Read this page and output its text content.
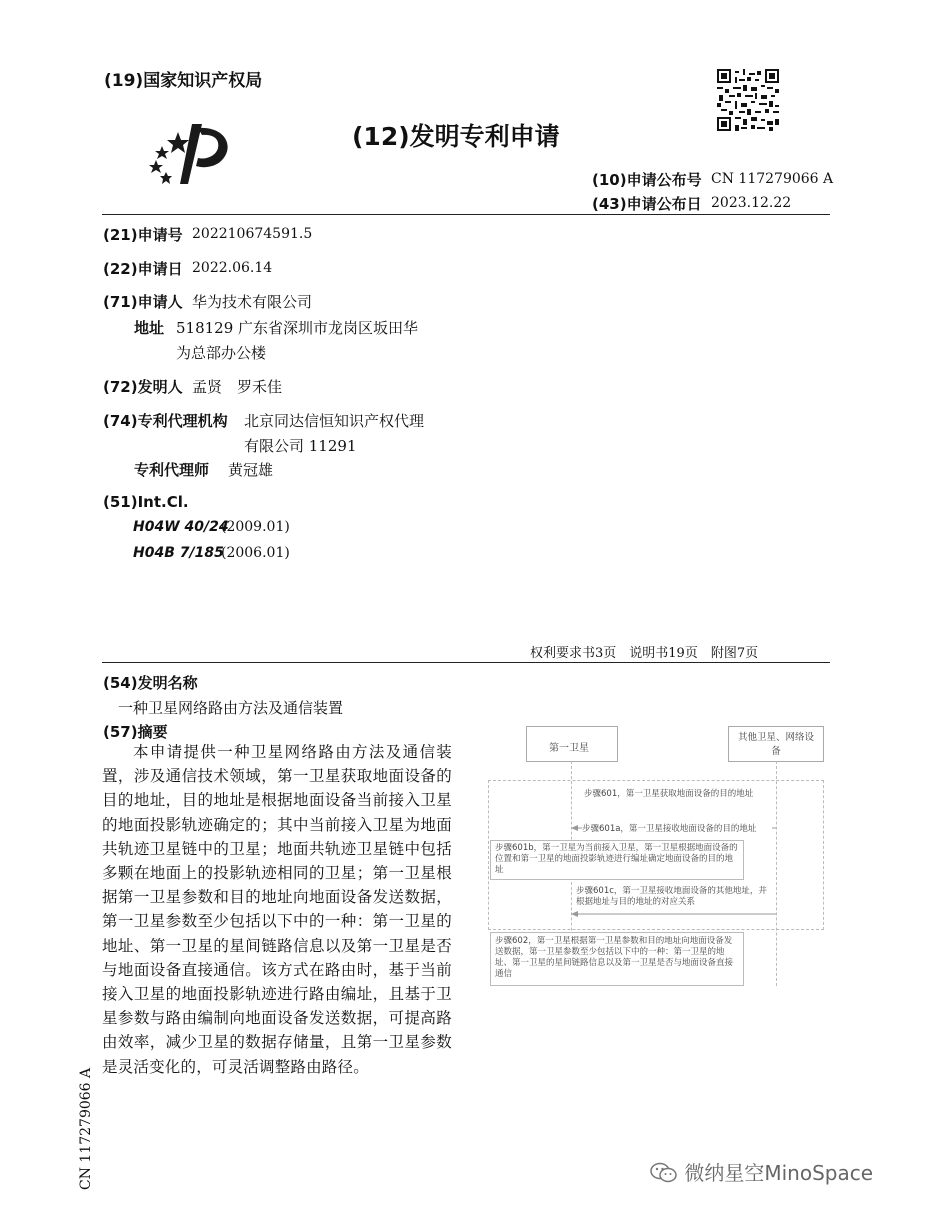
(19)国家知识产权局
(12)发明专利申请
(10)申请公布号 CN 117279066 A
(43)申请公布日 2023.12.22
(21)申请号 202210674591.5
(22)申请日 2022.06.14
(71)申请人 华为技术有限公司
地址 518129 广东省深圳市龙岗区坂田华
为总部办公楼
(72)发明人 孟贤　罗禾佳
(74)专利代理机构 北京同达信恒知识产权代理
有限公司 11291
专利代理师 黄冠雄
(51)Int.Cl.
H04W 40/24
(2009.01)
H04B 7/185
(2006.01)
权利要求书3页　说明书19页　附图7页
(54)发明名称
一种卫星网络路由方法及通信装置
(57)摘要
本申请提供一种卫星网络路由方法及通信装置，涉及通信技术领域，第一卫星获取地面设备的目的地址，目的地址是根据地面设备当前接入卫星的地面投影轨迹确定的；其中当前接入卫星为地面共轨迹卫星链中的卫星；地面共轨迹卫星链中包括多颗在地面上的投影轨迹相同的卫星；第一卫星根据第一卫星参数和目的地址向地面设备发送数据，第一卫星参数至少包括以下中的一种：第一卫星的地址、第一卫星的星间链路信息以及第一卫星是否与地面设备直接通信。该方式在路由时，基于当前接入卫星的地面投影轨迹进行路由编址，且基于卫星参数与路由编制向地面设备发送数据，可提高路由效率，减少卫星的数据存储量，且第一卫星参数是灵活变化的，可灵活调整路由路径。
第一卫星
其他卫星、网络设备
步骤601，第一卫星获取地面设备的目的地址
步骤601a，第一卫星接收地面设备的目的地址
步骤601b，第一卫星为当前接入卫星，第一卫星根据地面设备的位置和第一卫星的地面投影轨迹进行编址确定地面设备的目的地址
步骤601c，第一卫星接收地面设备的其他地址，并根据地址与目的地址的对应关系
步骤602，第一卫星根据第一卫星参数和目的地址向地面设备发送数据，第一卫星参数至少包括以下中的一种：第一卫星的地址、第一卫星的星间链路信息以及第一卫星是否与地面设备直接通信
CN 117279066 A	微纳星空MinoSpace
